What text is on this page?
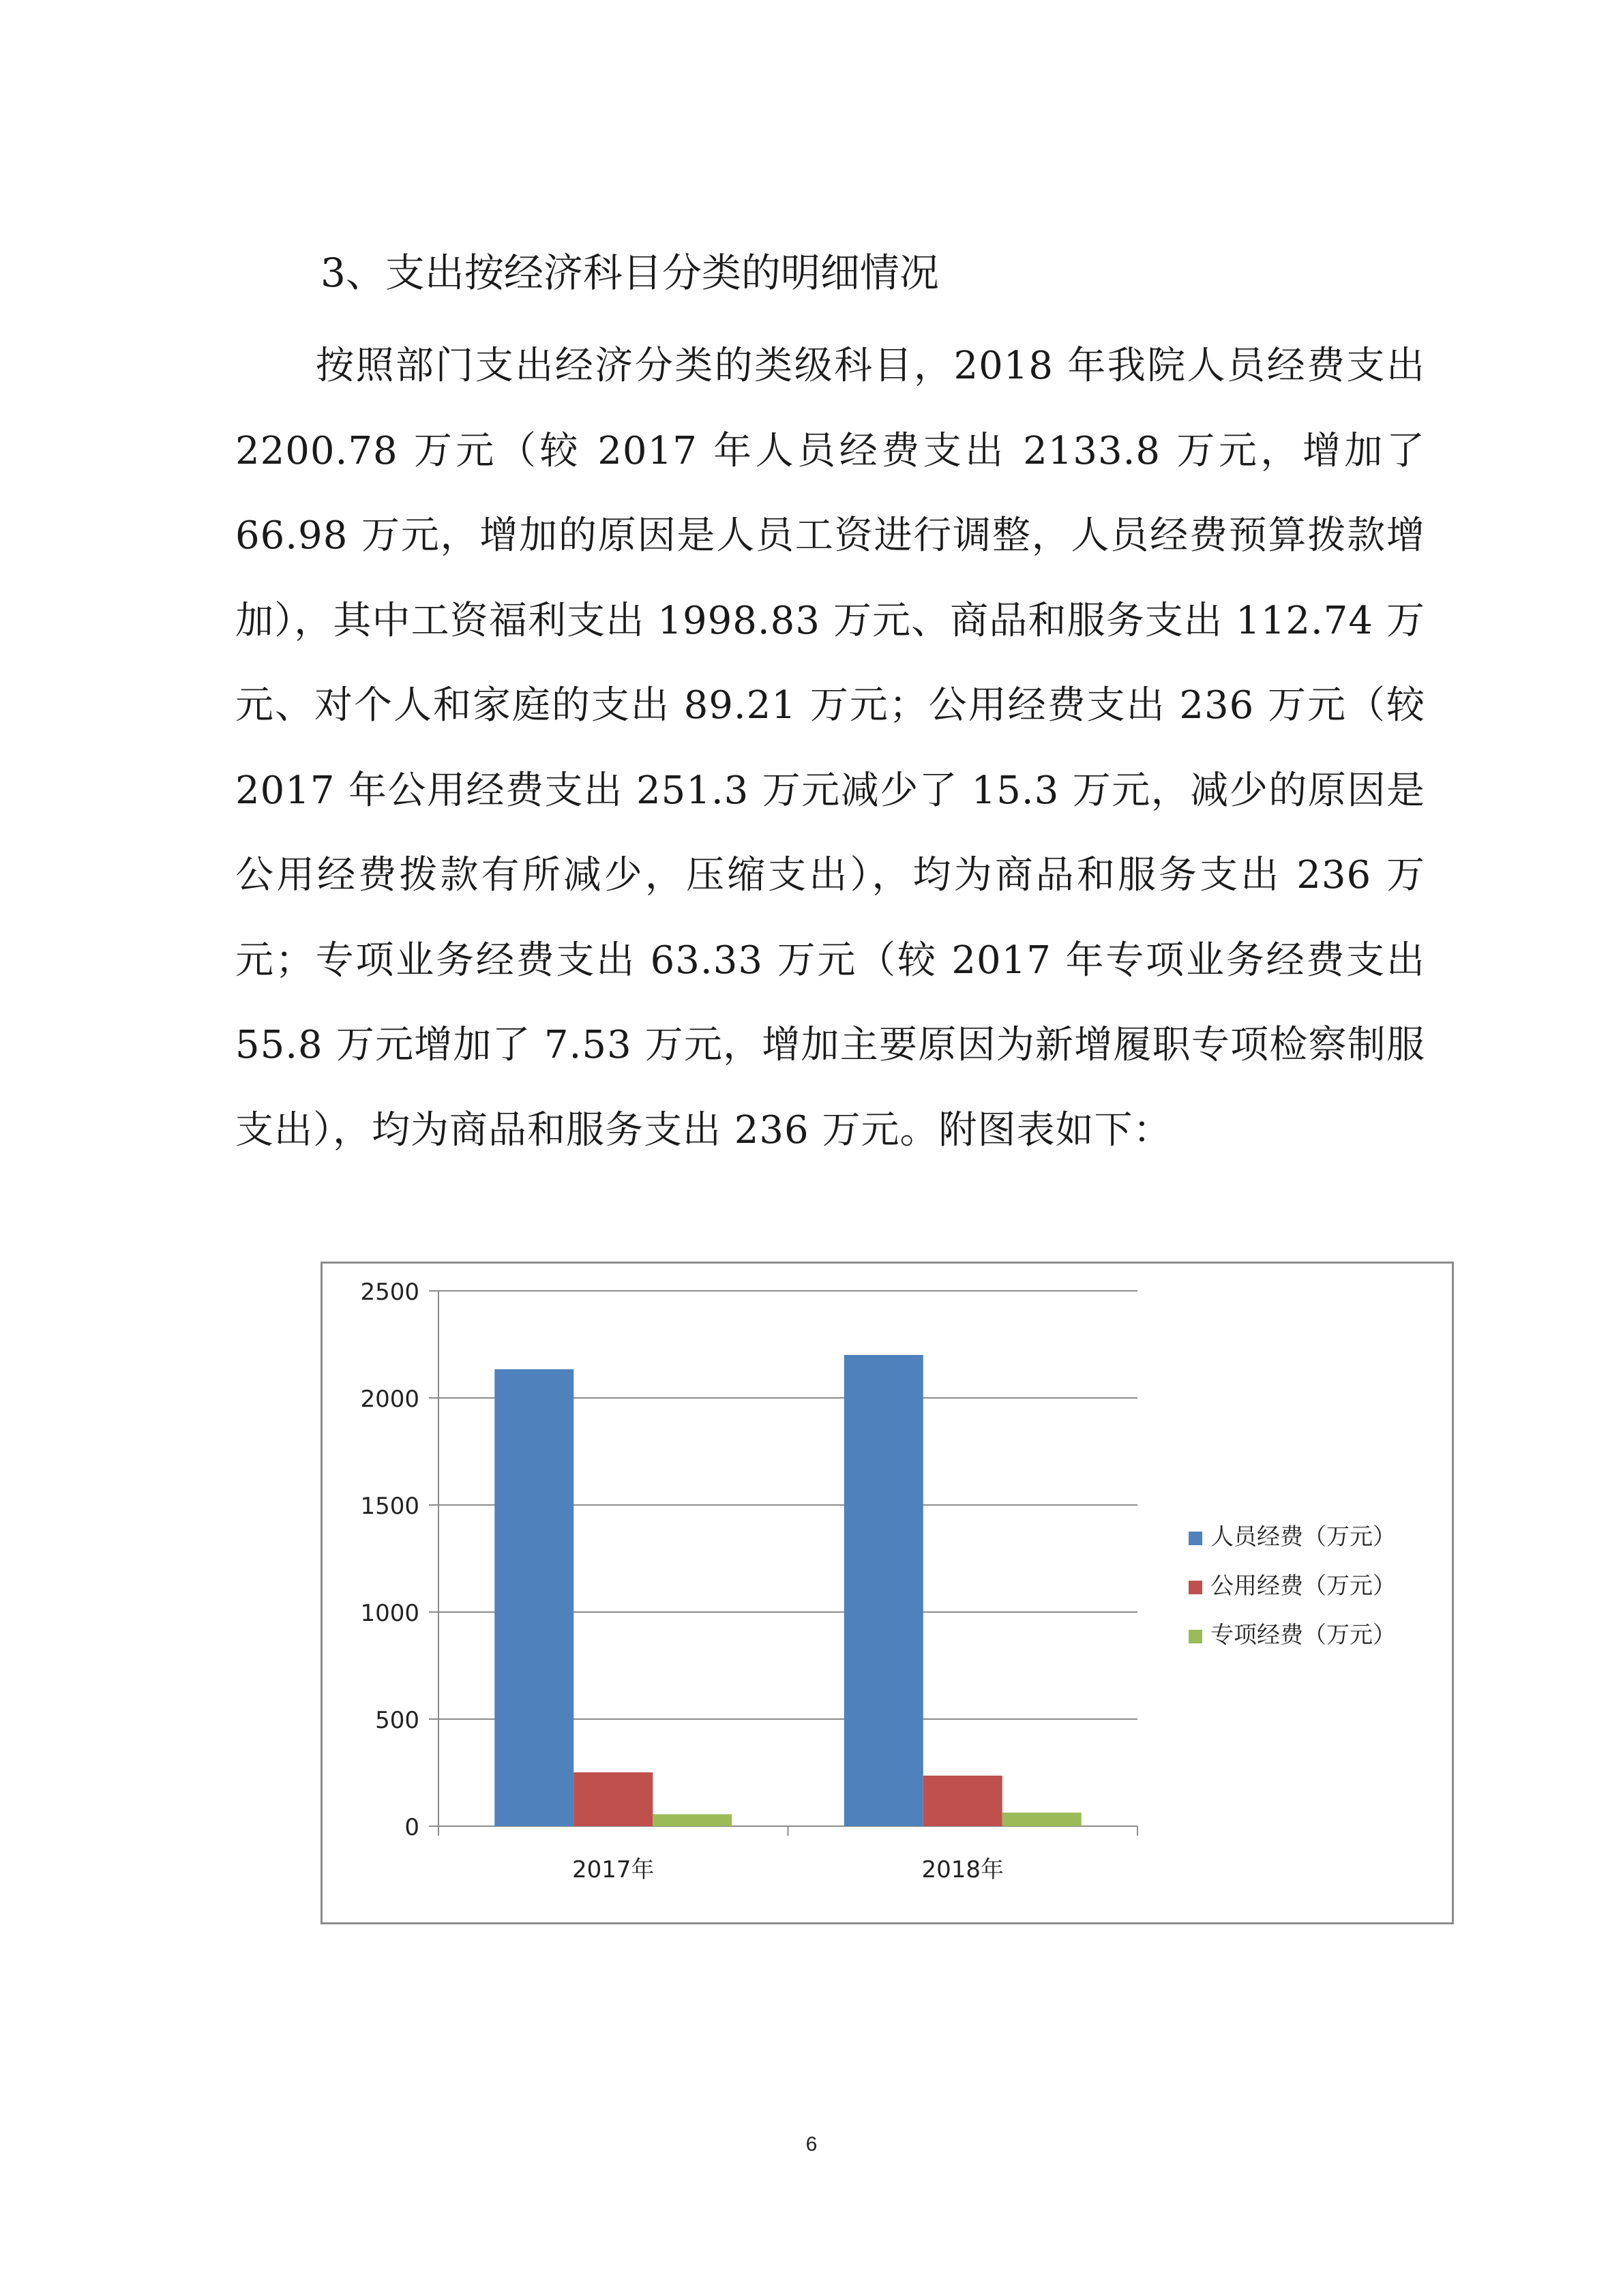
3、支出按经济科目分类的明细情况
按照部门支出经济分类的类级科目，2018 年我院人员经费支出 2200.78 万元（较 2017 年人员经费支出 2133.8 万元，增加了 66.98 万元，增加的原因是人员工资进行调整，人员经费预算拨款增加），其中工资福利支出 1998.83 万元、商品和服务支出 112.74 万元、对个人和家庭的支出 89.21 万元；公用经费支出 236 万元（较 2017 年公用经费支出 251.3 万元减少了 15.3 万元，减少的原因是公用经费拨款有所减少，压缩支出），均为商品和服务支出 236 万元；专项业务经费支出 63.33 万元（较 2017 年专项业务经费支出 55.8 万元增加了 7.53 万元，增加主要原因为新增履职专项检察制服支出），均为商品和服务支出 236 万元。附图表如下：
0
500
1000
1500
2000
2500
2017年	2018年
人员经费（万元）
公用经费（万元）
专项经费（万元）
6
